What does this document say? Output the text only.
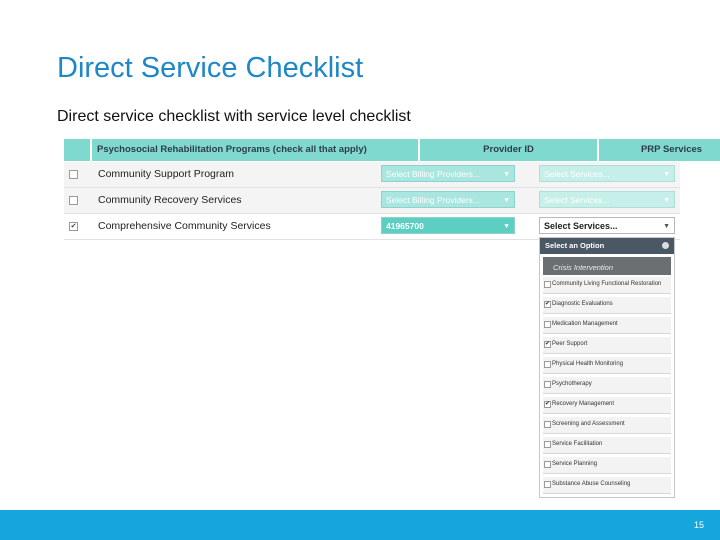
Direct Service Checklist
Direct service checklist with service level checklist
Psychosocial Rehabilitation Programs (check all that apply)	Provider ID	PRP Services
Community Support Program	Select Billing Providers...	▼	Select Services...	▼
Community Recovery Services	Select Billing Providers...	▼	Select Services...	▼
✔ Comprehensive Community Services	41965700	▼	Select Services...	▼
Select an Option
Crisis Intervention
Community Living Functional Restoration
✔ Diagnostic Evaluations
Medication Management
✔ Peer Support
Physical Health Monitoring
Psychotherapy
✔ Recovery Management
Screening and Assessment
Service Facilitation
Service Planning
Substance Abuse Counseling
15
